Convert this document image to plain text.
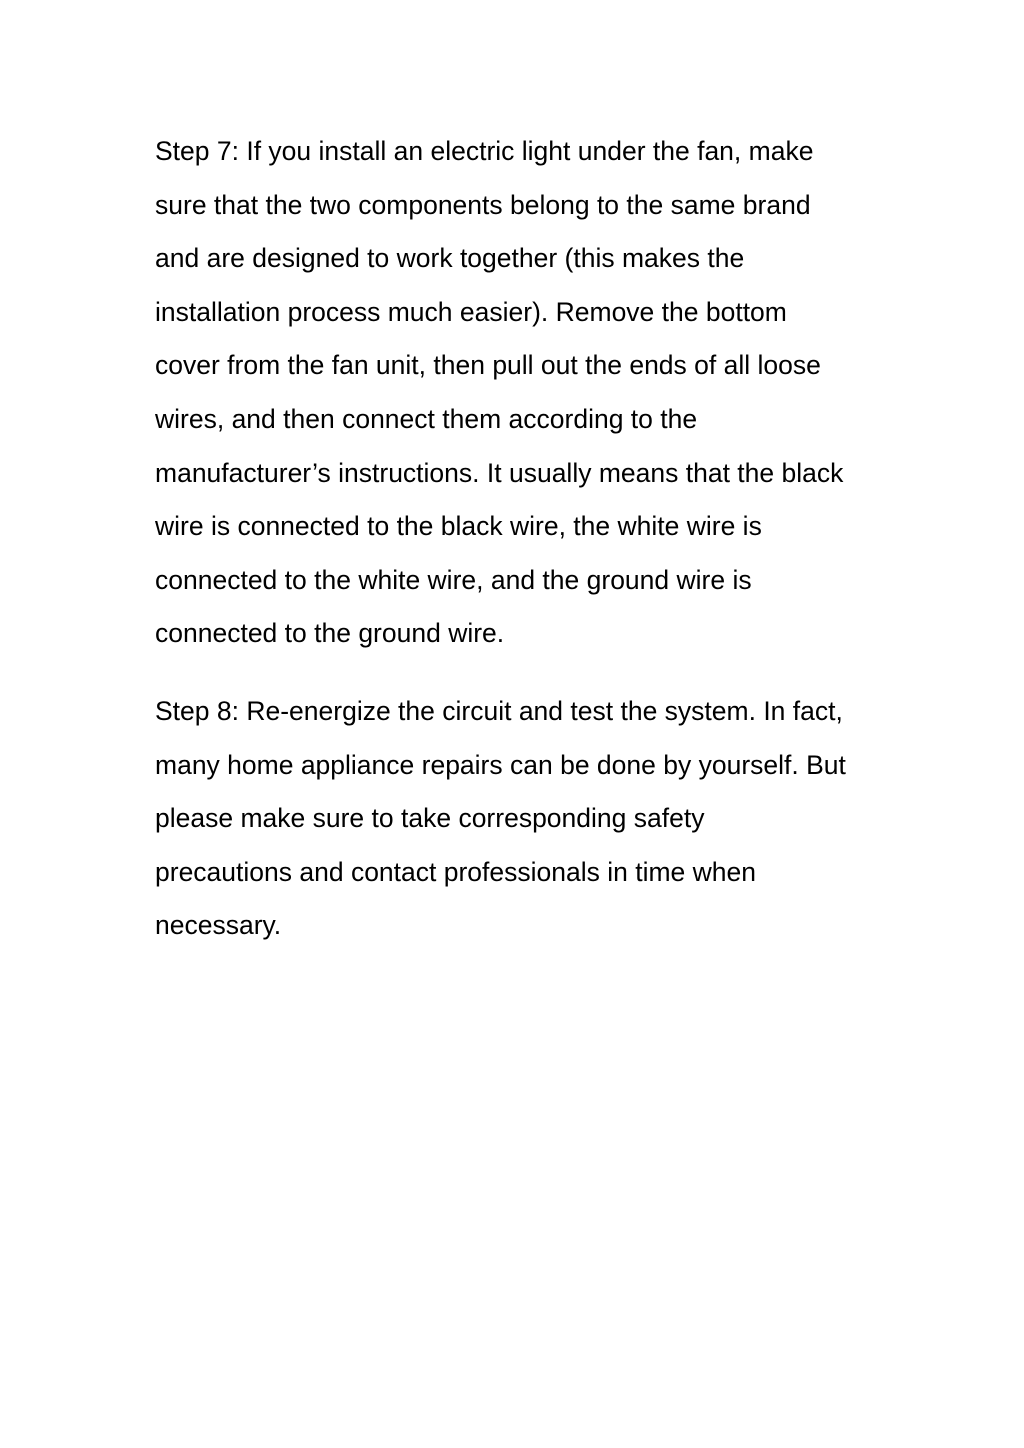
Step 7: If you install an electric light under the fan, make
sure that the two components belong to the same brand
and are designed to work together (this makes the
installation process much easier). Remove the bottom
cover from the fan unit, then pull out the ends of all loose
wires, and then connect them according to the
manufacturer’s instructions. It usually means that the black
wire is connected to the black wire, the white wire is
connected to the white wire, and the ground wire is
connected to the ground wire.

Step 8: Re-energize the circuit and test the system. In fact,
many home appliance repairs can be done by yourself. But
please make sure to take corresponding safety
precautions and contact professionals in time when
necessary.
